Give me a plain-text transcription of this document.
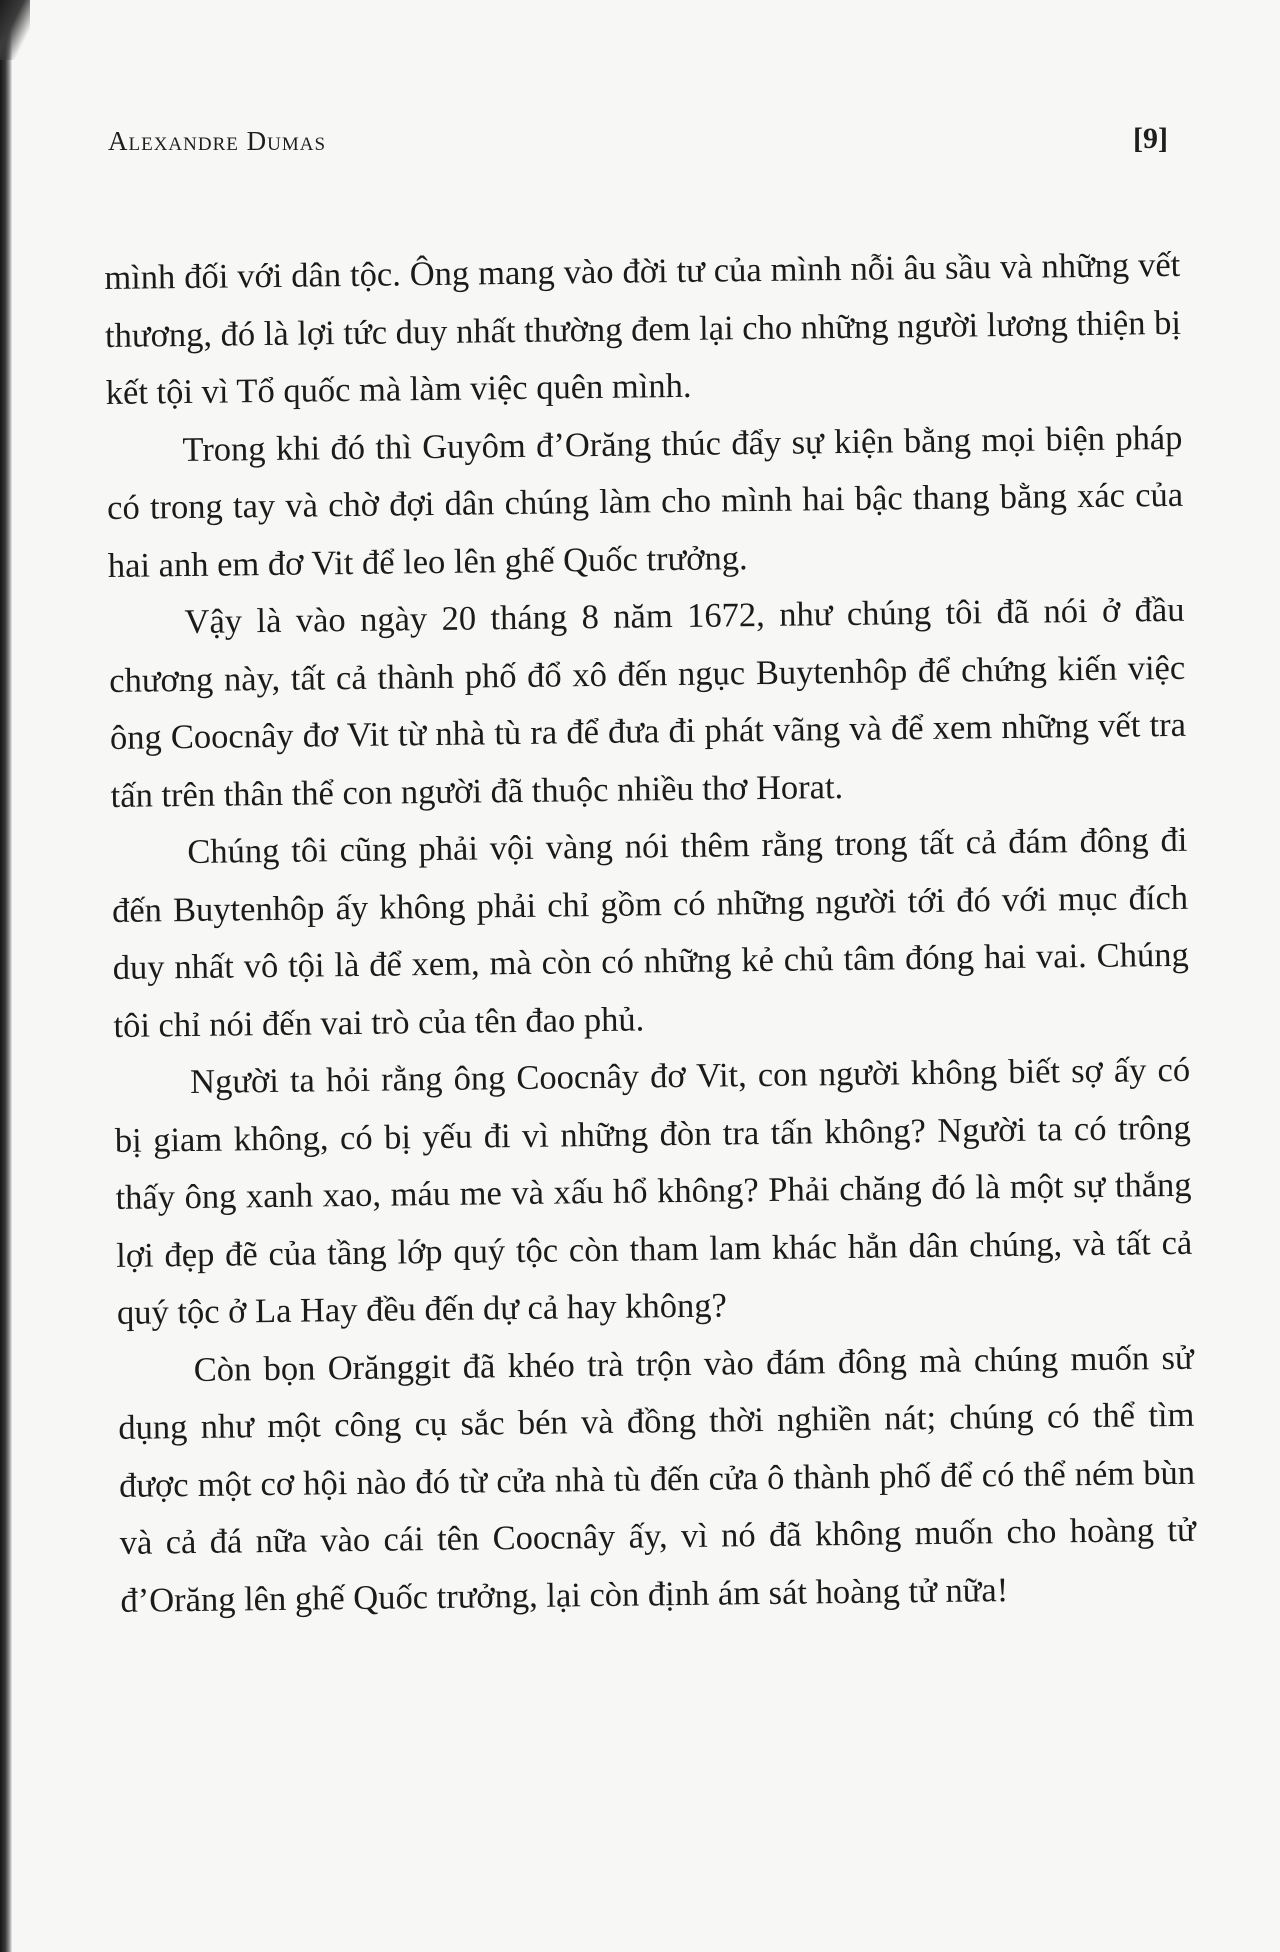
Alexandre Dumas	[9]

mình đối với dân tộc. Ông mang vào đời tư của mình nỗi âu sầu và những vết thương, đó là lợi tức duy nhất thường đem lại cho những người lương thiện bị kết tội vì Tổ quốc mà làm việc quên mình.

Trong khi đó thì Guyôm đ’Orăng thúc đẩy sự kiện bằng mọi biện pháp có trong tay và chờ đợi dân chúng làm cho mình hai bậc thang bằng xác của hai anh em đơ Vit để leo lên ghế Quốc trưởng.

Vậy là vào ngày 20 tháng 8 năm 1672, như chúng tôi đã nói ở đầu chương này, tất cả thành phố đổ xô đến ngục Buytenhôp để chứng kiến việc ông Coocnây đơ Vit từ nhà tù ra để đưa đi phát vãng và để xem những vết tra tấn trên thân thể con người đã thuộc nhiều thơ Horat.

Chúng tôi cũng phải vội vàng nói thêm rằng trong tất cả đám đông đi đến Buytenhôp ấy không phải chỉ gồm có những người tới đó với mục đích duy nhất vô tội là để xem, mà còn có những kẻ chủ tâm đóng hai vai. Chúng tôi chỉ nói đến vai trò của tên đao phủ.

Người ta hỏi rằng ông Coocnây đơ Vit, con người không biết sợ ấy có bị giam không, có bị yếu đi vì những đòn tra tấn không? Người ta có trông thấy ông xanh xao, máu me và xấu hổ không? Phải chăng đó là một sự thắng lợi đẹp đẽ của tầng lớp quý tộc còn tham lam khác hẳn dân chúng, và tất cả quý tộc ở La Hay đều đến dự cả hay không?

Còn bọn Orănggit đã khéo trà trộn vào đám đông mà chúng muốn sử dụng như một công cụ sắc bén và đồng thời nghiền nát; chúng có thể tìm được một cơ hội nào đó từ cửa nhà tù đến cửa ô thành phố để có thể ném bùn và cả đá nữa vào cái tên Coocnây ấy, vì nó đã không muốn cho hoàng tử đ’Orăng lên ghế Quốc trưởng, lại còn định ám sát hoàng tử nữa!
